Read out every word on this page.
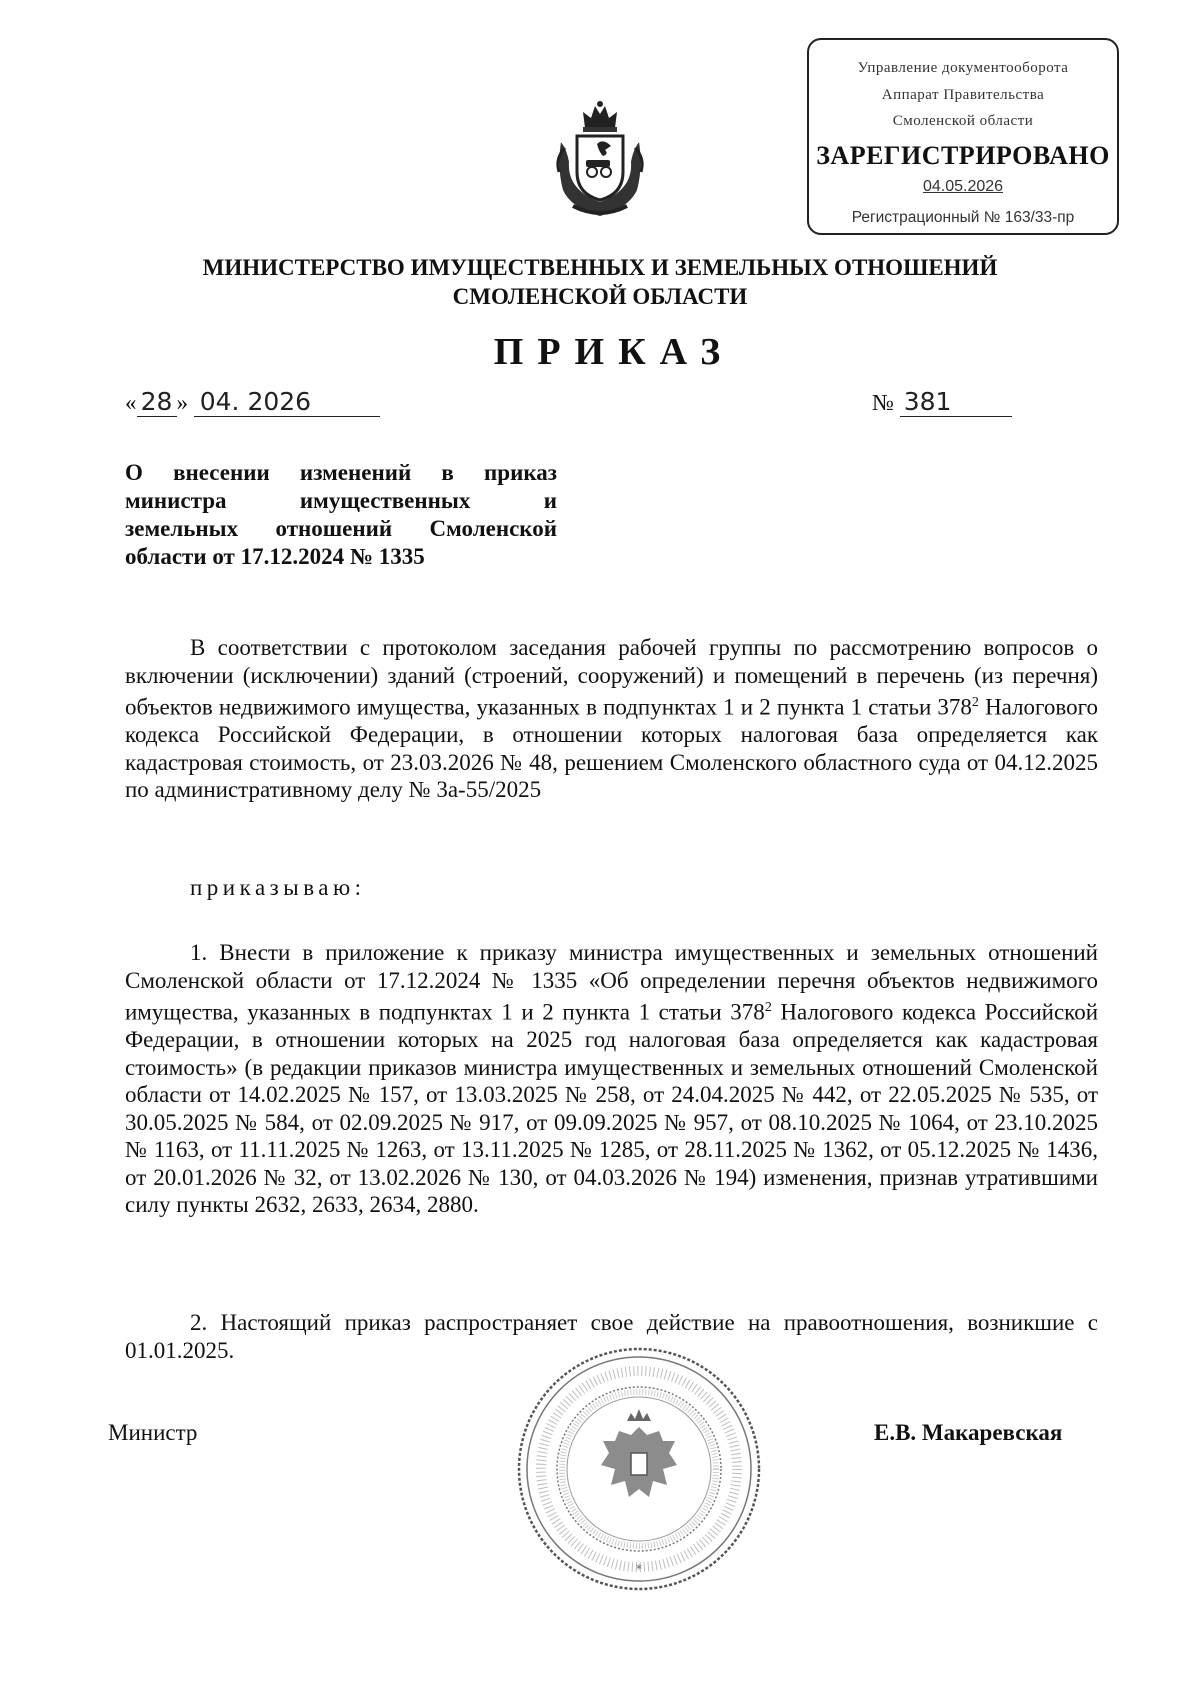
Управление документооборота
Аппарат Правительства
Смоленской области
ЗАРЕГИСТРИРОВАНО
04.05.2026
Регистрационный № 163/33-пр
МИНИСТЕРСТВО ИМУЩЕСТВЕННЫХ И ЗЕМЕЛЬНЫХ ОТНОШЕНИЙ
СМОЛЕНСКОЙ ОБЛАСТИ
ПРИКАЗ
« 28 » 04. 2026	№ 381
О внесении изменений в приказ
министра имущественных и
земельных отношений Смоленской
области от 17.12.2024 № 1335
В соответствии с протоколом заседания рабочей группы по рассмотрению вопросов о включении (исключении) зданий (строений, сооружений) и помещений в перечень (из перечня) объектов недвижимого имущества, указанных в подпунктах 1 и 2 пункта 1 статьи $378^2$ Налогового кодекса Российской Федерации, в отношении которых налоговая база определяется как кадастровая стоимость, от 23.03.2026 № 48, решением Смоленского областного суда от 04.12.2025 по административному делу № 3а-55/2025
приказываю:
1. Внести в приложение к приказу министра имущественных и земельных отношений Смоленской области от 17.12.2024 № 1335 «Об определении перечня объектов недвижимого имущества, указанных в подпунктах 1 и 2 пункта 1 статьи $378^2$ Налогового кодекса Российской Федерации, в отношении которых на 2025 год налоговая база определяется как кадастровая стоимость» (в редакции приказов министра имущественных и земельных отношений Смоленской области от 14.02.2025 № 157, от 13.03.2025 № 258, от 24.04.2025 № 442, от 22.05.2025 № 535, от 30.05.2025 № 584, от 02.09.2025 № 917, от 09.09.2025 № 957, от 08.10.2025 № 1064, от 23.10.2025 № 1163, от 11.11.2025 № 1263, от 13.11.2025 № 1285, от 28.11.2025 № 1362, от 05.12.2025 № 1436, от 20.01.2026 № 32, от 13.02.2026 № 130, от 04.03.2026 № 194) изменения, признав утратившими силу пункты 2632, 2633, 2634, 2880.
2. Настоящий приказ распространяет свое действие на правоотношения, возникшие с 01.01.2025.
*
Министр	Е.В. Макаревская
